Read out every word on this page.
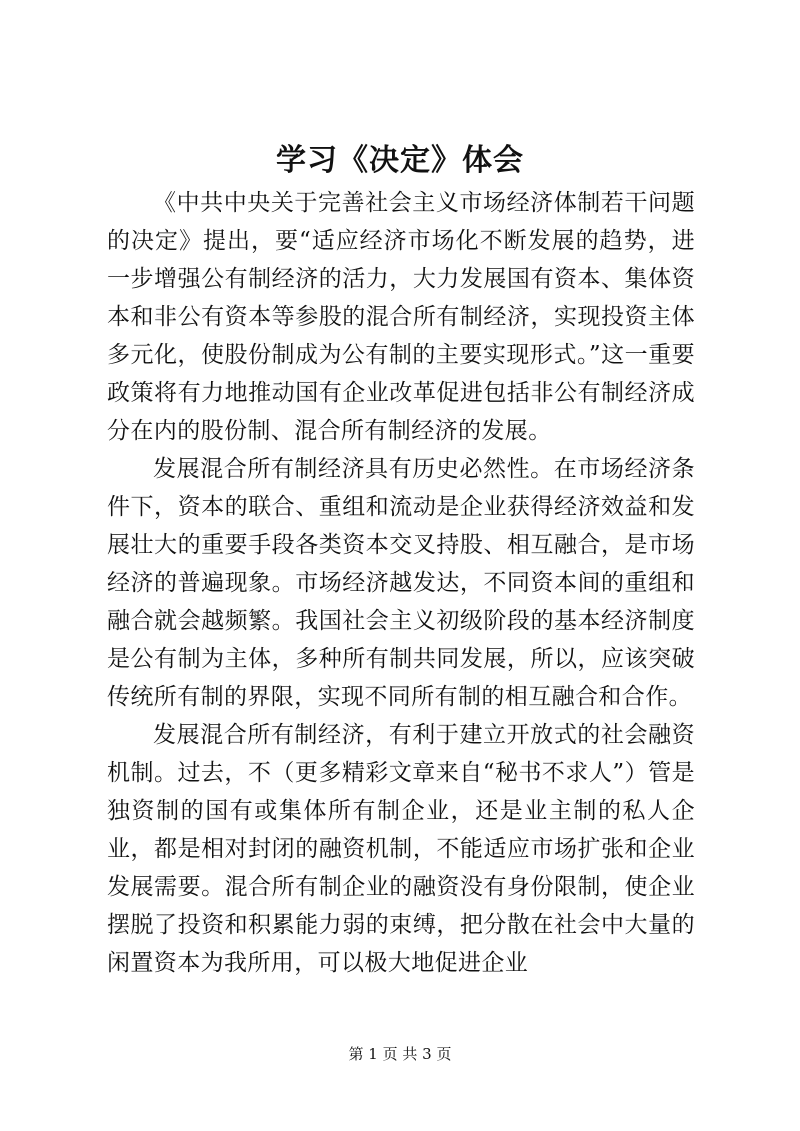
学习《决定》体会

《中共中央关于完善社会主义市场经济体制若干问题的决定》提出，要“适应经济市场化不断发展的趋势，进一步增强公有制经济的活力，大力发展国有资本、集体资本和非公有资本等参股的混合所有制经济，实现投资主体多元化，使股份制成为公有制的主要实现形式。”这一重要政策将有力地推动国有企业改革促进包括非公有制经济成分在内的股份制、混合所有制经济的发展。

发展混合所有制经济具有历史必然性。在市场经济条件下，资本的联合、重组和流动是企业获得经济效益和发展壮大的重要手段各类资本交叉持股、相互融合，是市场经济的普遍现象。市场经济越发达，不同资本间的重组和融合就会越频繁。我国社会主义初级阶段的基本经济制度是公有制为主体，多种所有制共同发展，所以，应该突破传统所有制的界限，实现不同所有制的相互融合和合作。

发展混合所有制经济，有利于建立开放式的社会融资机制。过去，不（更多精彩文章来自“秘书不求人”）管是独资制的国有或集体所有制企业，还是业主制的私人企业，都是相对封闭的融资机制，不能适应市场扩张和企业发展需要。混合所有制企业的融资没有身份限制，使企业摆脱了投资和积累能力弱的束缚，把分散在社会中大量的闲置资本为我所用，可以极大地促进企业

第 1 页 共 3 页
